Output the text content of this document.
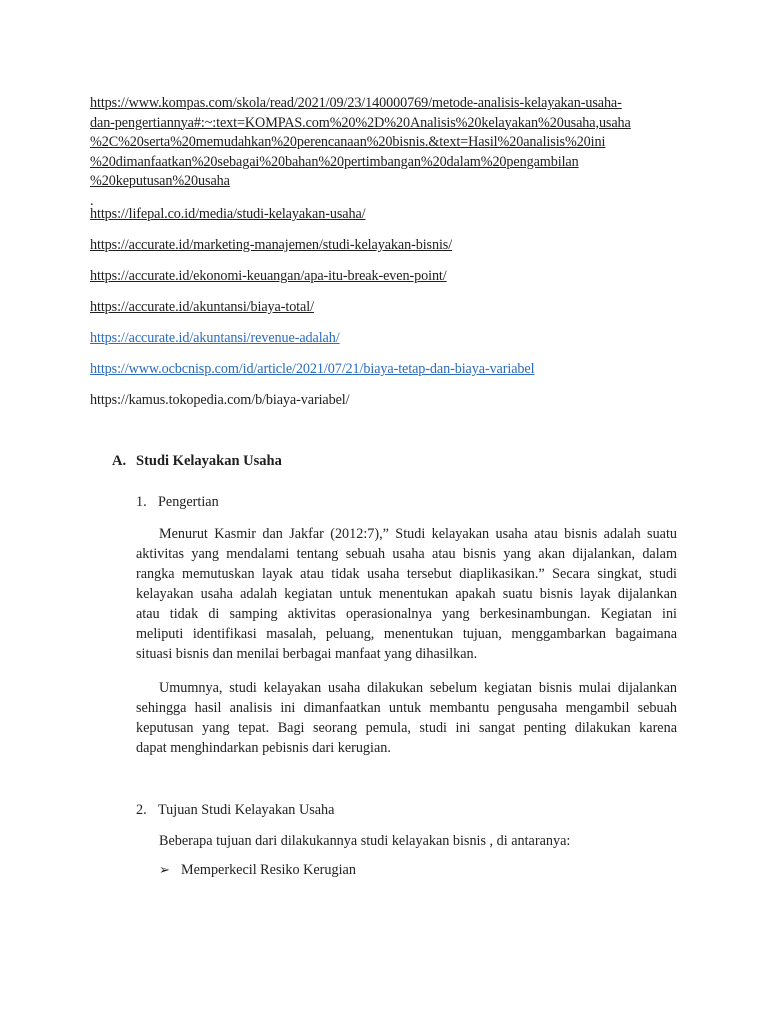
https://www.kompas.com/skola/read/2021/09/23/140000769/metode-analisis-kelayakan-usaha-
dan-pengertiannya#:~:text=KOMPAS.com%20%2D%20Analisis%20kelayakan%20usaha,usaha
%2C%20serta%20memudahkan%20perencanaan%20bisnis.&text=Hasil%20analisis%20ini
%20dimanfaatkan%20sebagai%20bahan%20pertimbangan%20dalam%20pengambilan
%20keputusan%20usaha
.
https://lifepal.co.id/media/studi-kelayakan-usaha/
https://accurate.id/marketing-manajemen/studi-kelayakan-bisnis/
https://accurate.id/ekonomi-keuangan/apa-itu-break-even-point/
https://accurate.id/akuntansi/biaya-total/
https://accurate.id/akuntansi/revenue-adalah/
https://www.ocbcnisp.com/id/article/2021/07/21/biaya-tetap-dan-biaya-variabel
https://kamus.tokopedia.com/b/biaya-variabel/
A. Studi Kelayakan Usaha
1. Pengertian
Menurut Kasmir dan Jakfar (2012:7),” Studi kelayakan usaha atau bisnis adalah suatu
aktivitas yang mendalami tentang sebuah usaha atau bisnis yang akan dijalankan, dalam
rangka memutuskan layak atau tidak usaha tersebut diaplikasikan.” Secara singkat, studi
kelayakan usaha adalah kegiatan untuk menentukan apakah suatu bisnis layak dijalankan
atau tidak di samping aktivitas operasionalnya yang berkesinambungan. Kegiatan ini
meliputi identifikasi masalah, peluang, menentukan tujuan, menggambarkan bagaimana
situasi bisnis dan menilai berbagai manfaat yang dihasilkan.
Umumnya, studi kelayakan usaha dilakukan sebelum kegiatan bisnis mulai dijalankan
sehingga hasil analisis ini dimanfaatkan untuk membantu pengusaha mengambil sebuah
keputusan yang tepat. Bagi seorang pemula, studi ini sangat penting dilakukan karena
dapat menghindarkan pebisnis dari kerugian.
2. Tujuan Studi Kelayakan Usaha
Beberapa tujuan dari dilakukannya studi kelayakan bisnis , di antaranya:
➢ Memperkecil Resiko Kerugian
